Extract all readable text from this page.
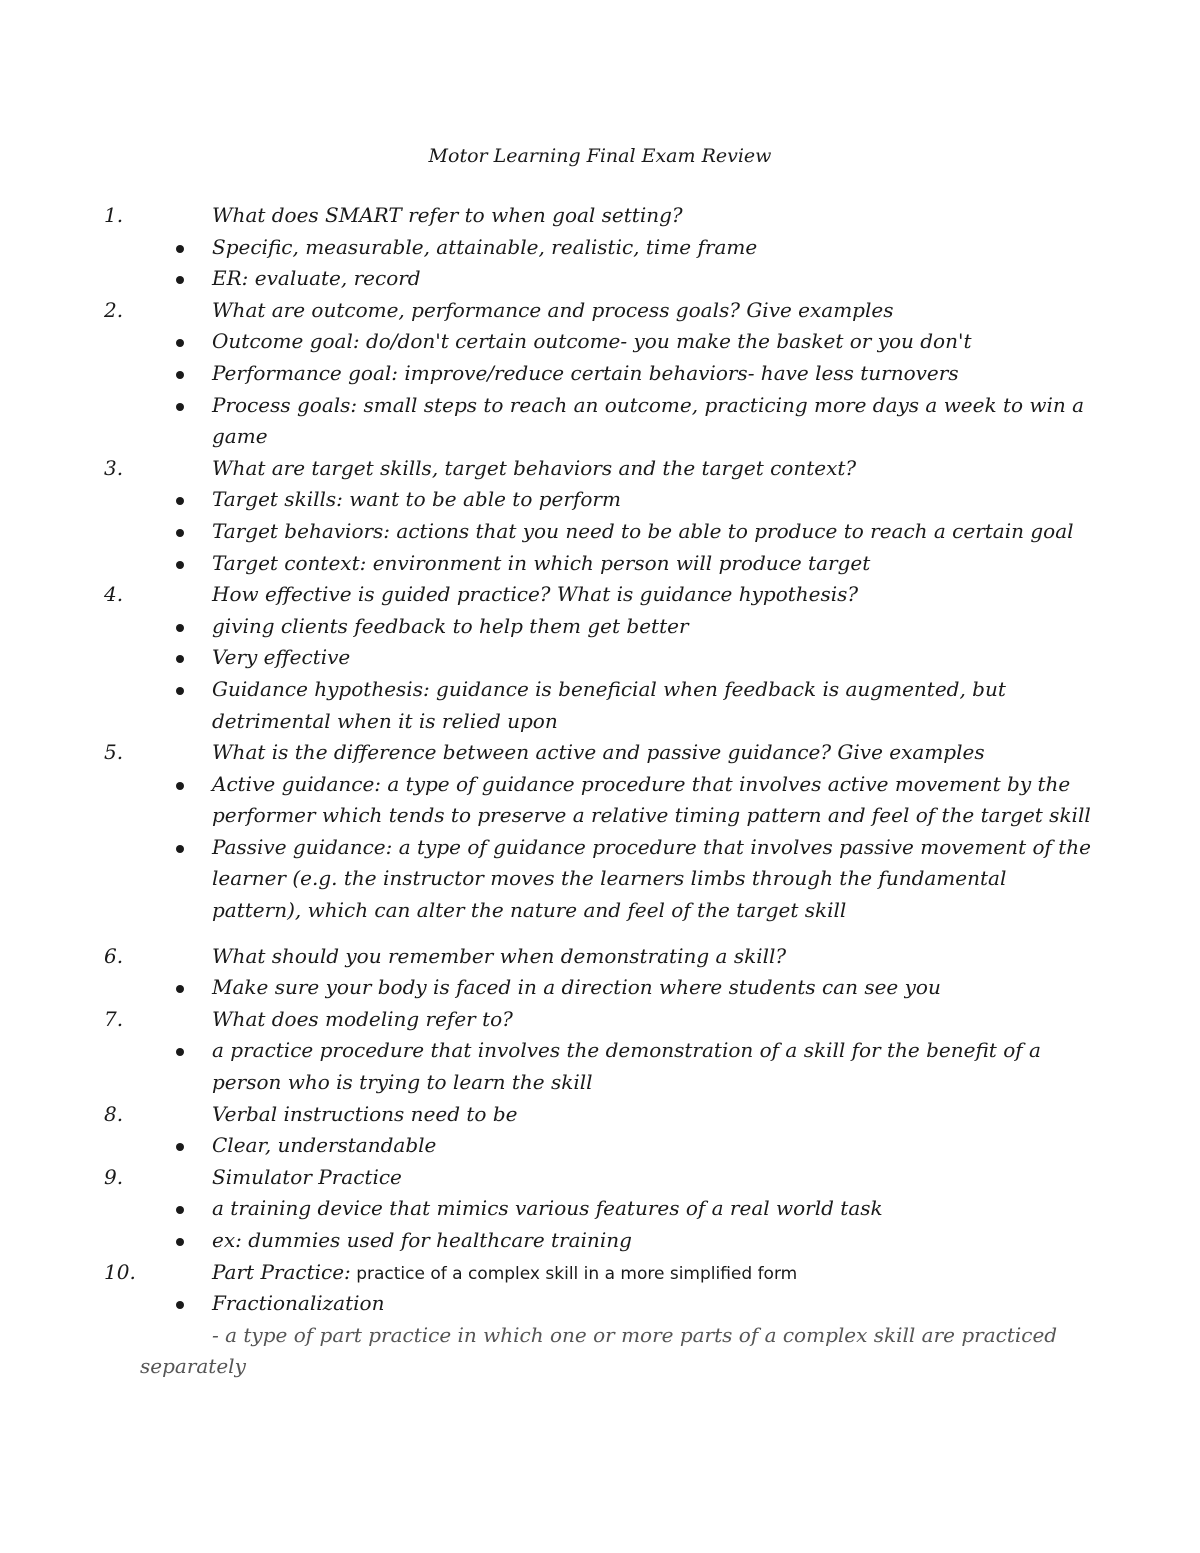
Motor Learning Final Exam Review
1.	What does SMART refer to when goal setting?
Specific, measurable, attainable, realistic, time frame
ER: evaluate, record
2.	What are outcome, performance and process goals? Give examples
Outcome goal: do/don't certain outcome- you make the basket or you don't
Performance goal: improve/reduce certain behaviors- have less turnovers
Process goals: small steps to reach an outcome, practicing more days a week to win a
game
3.	What are target skills, target behaviors and the target context?
Target skills: want to be able to perform
Target behaviors: actions that you need to be able to produce to reach a certain goal
Target context: environment in which person will produce target
4.	How effective is guided practice? What is guidance hypothesis?
giving clients feedback to help them get better
Very effective
Guidance hypothesis: guidance is beneficial when feedback is augmented, but
detrimental when it is relied upon
5.	What is the difference between active and passive guidance? Give examples
Active guidance: a type of guidance procedure that involves active movement by the
performer which tends to preserve a relative timing pattern and feel of the target skill
Passive guidance: a type of guidance procedure that involves passive movement of the
learner (e.g. the instructor moves the learners limbs through the fundamental
pattern), which can alter the nature and feel of the target skill
6.	What should you remember when demonstrating a skill?
Make sure your body is faced in a direction where students can see you
7.	What does modeling refer to?
a practice procedure that involves the demonstration of a skill for the benefit of a
person who is trying to learn the skill
8.	Verbal instructions need to be
Clear, understandable
9.	Simulator Practice
a training device that mimics various features of a real world task
ex: dummies used for healthcare training
10.	Part Practice: practice of a complex skill in a more simplified form
Fractionalization
- a type of part practice in which one or more parts of a complex skill are practiced
separately
